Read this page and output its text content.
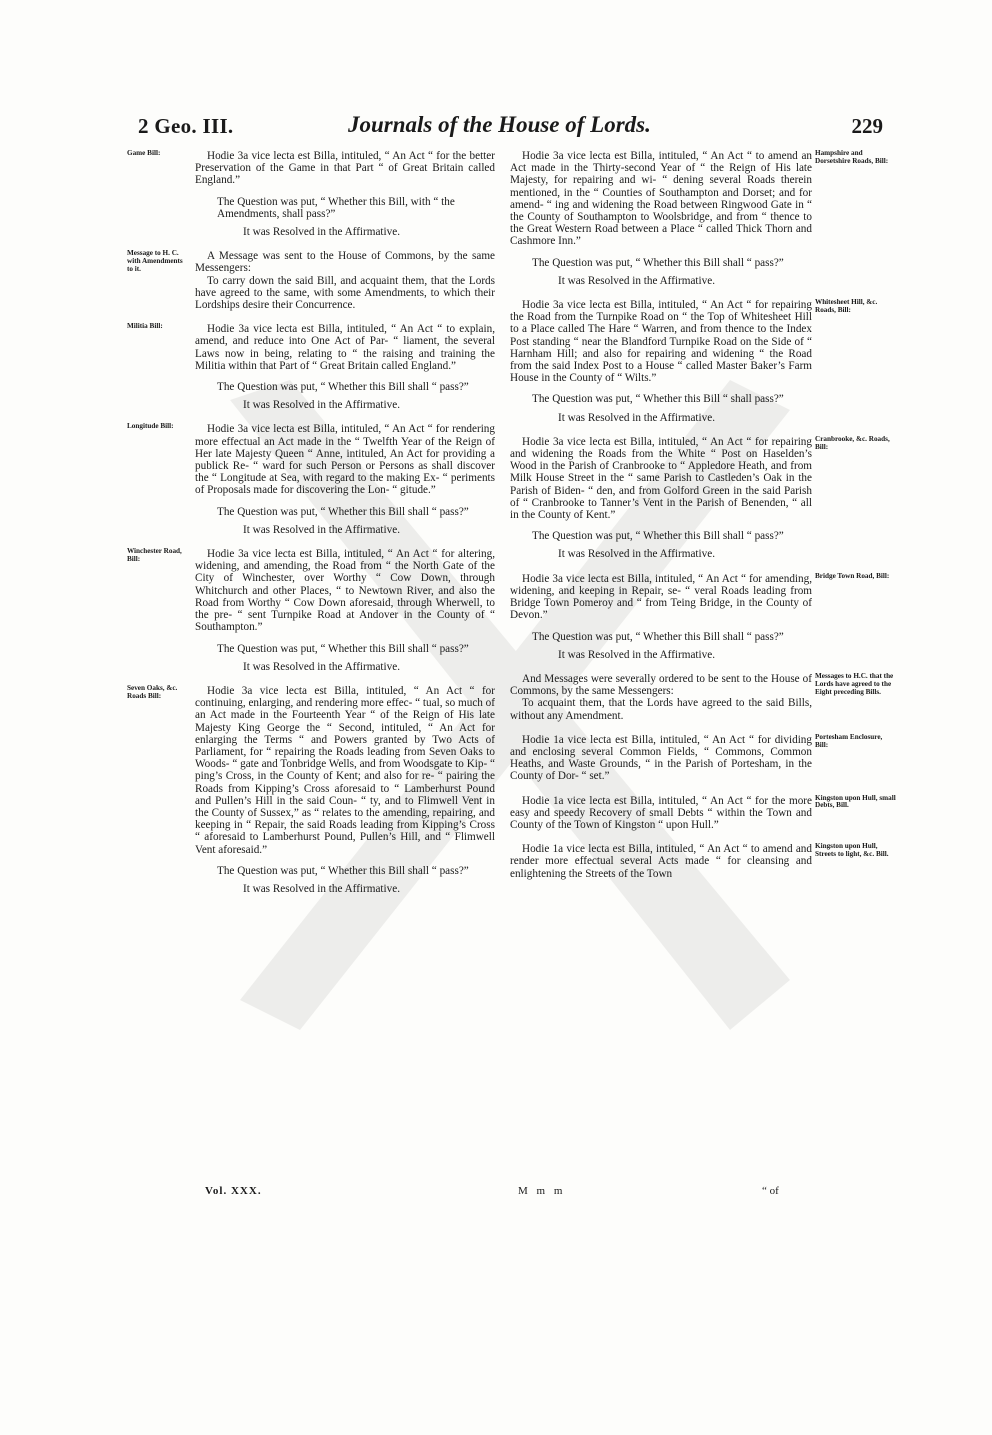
2 Geo. III.	Journals of the House of Lords.	229
Game Bill:	Hodie 3a vice lecta est Billa, intituled, “ An Act “ for the better Preservation of the Game in that Part “ of Great Britain called England.”

The Question was put, “ Whether this Bill, with “ the Amendments, shall pass?”

It was Resolved in the Affirmative.

Message to H. C. with Amendments to it.

A Message was sent to the House of Commons, by the same Messengers:

To carry down the said Bill, and acquaint them, that the Lords have agreed to the same, with some Amendments, to which their Lordships desire their Concurrence.

Militia Bill:	Hodie 3a vice lecta est Billa, intituled, “ An Act “ to explain, amend, and reduce into One Act of Par- “ liament, the several Laws now in being, relating to “ the raising and training the Militia within that Part of “ Great Britain called England.”

The Question was put, “ Whether this Bill shall “ pass?”

It was Resolved in the Affirmative.

Longitude Bill:	Hodie 3a vice lecta est Billa, intituled, “ An Act “ for rendering more effectual an Act made in the “ Twelfth Year of the Reign of Her late Majesty Queen “ Anne, intituled, An Act for providing a publick Re- “ ward for such Person or Persons as shall discover the “ Longitude at Sea, with regard to the making Ex- “ periments of Proposals made for discovering the Lon- “ gitude.”

The Question was put, “ Whether this Bill shall “ pass?”

It was Resolved in the Affirmative.

Winchester Road, Bill:	Hodie 3a vice lecta est Billa, intituled, “ An Act “ for altering, widening, and amending, the Road from “ the North Gate of the City of Winchester, over Worthy “ Cow Down, through Whitchurch and other Places, “ to Newtown River, and also the Road from Worthy “ Cow Down aforesaid, through Wherwell, to the pre- “ sent Turnpike Road at Andover in the County of “ Southampton.”

The Question was put, “ Whether this Bill shall “ pass?”

It was Resolved in the Affirmative.

Seven Oaks, &c. Roads Bill:	Hodie 3a vice lecta est Billa, intituled, “ An Act “ for continuing, enlarging, and rendering more effec- “ tual, so much of an Act made in the Fourteenth Year “ of the Reign of His late Majesty King George the “ Second, intituled, “ An Act for enlarging the Terms “ and Powers granted by Two Acts of Parliament, for “ repairing the Roads leading from Seven Oaks to Woods- “ gate and Tonbridge Wells, and from Woodsgate to Kip- “ ping’s Cross, in the County of Kent; and also for re- “ pairing the Roads from Kipping’s Cross aforesaid to “ Lamberhurst Pound and Pullen’s Hill in the said Coun- “ ty, and to Flimwell Vent in the County of Sussex,” as “ relates to the amending, repairing, and keeping in “ Repair, the said Roads leading from Kipping’s Cross “ aforesaid to Lamberhurst Pound, Pullen’s Hill, and “ Flimwell Vent aforesaid.”

The Question was put, “ Whether this Bill shall “ pass?”

It was Resolved in the Affirmative.

Hampshire and Dorsetshire Roads, Bill:

Hodie 3a vice lecta est Billa, intituled, “ An Act “ to amend an Act made in the Thirty-second Year of “ the Reign of His late Majesty, for repairing and wi- “ dening several Roads therein mentioned, in the “ Counties of Southampton and Dorset; and for amend- “ ing and widening the Road between Ringwood Gate in “ the County of Southampton to Woolsbridge, and from “ thence to the Great Western Road between a Place “ called Thick Thorn and Cashmore Inn.”

The Question was put, “ Whether this Bill shall “ pass?”

It was Resolved in the Affirmative.

Whitesheet Hill, &c. Roads, Bill:

Hodie 3a vice lecta est Billa, intituled, “ An Act “ for repairing the Road from the Turnpike Road on “ the Top of Whitesheet Hill to a Place called The Hare “ Warren, and from thence to the Index Post standing “ near the Blandford Turnpike Road on the Side of “ Harnham Hill; and also for repairing and widening “ the Road from the said Index Post to a House “ called Master Baker’s Farm House in the County of “ Wilts.”

The Question was put, “ Whether this Bill “ shall pass?”

It was Resolved in the Affirmative.

Cranbrooke, &c. Roads, Bill:

Hodie 3a vice lecta est Billa, intituled, “ An Act “ for repairing and widening the Roads from the White “ Post on Haselden’s Wood in the Parish of Cranbrooke to “ Appledore Heath, and from Milk House Street in the “ same Parish to Castleden’s Oak in the Parish of Biden- “ den, and from Golford Green in the said Parish of “ Cranbrooke to Tanner’s Vent in the Parish of Benenden, “ all in the County of Kent.”

The Question was put, “ Whether this Bill shall “ pass?”

It was Resolved in the Affirmative.

Bridge Town Road, Bill:

Hodie 3a vice lecta est Billa, intituled, “ An Act “ for amending, widening, and keeping in Repair, se- “ veral Roads leading from Bridge Town Pomeroy and “ from Teing Bridge, in the County of Devon.”

The Question was put, “ Whether this Bill shall “ pass?”

It was Resolved in the Affirmative.

Messages to H.C. that the Lords have agreed to the Eight preceding Bills.

And Messages were severally ordered to be sent to the House of Commons, by the same Messengers:

To acquaint them, that the Lords have agreed to the said Bills, without any Amendment.

Portesham Enclosure, Bill:

Hodie 1a vice lecta est Billa, intituled, “ An Act “ for dividing and enclosing several Common Fields, “ Commons, Common Heaths, and Waste Grounds, “ in the Parish of Portesham, in the County of Dor- “ set.”

Kingston upon Hull, small Debts, Bill.

Hodie 1a vice lecta est Billa, intituled, “ An Act “ for the more easy and speedy Recovery of small Debts “ within the Town and County of the Town of Kingston “ upon Hull.”

Kingston upon Hull, Streets to light, &c. Bill.

Hodie 1a vice lecta est Billa, intituled, “ An Act “ to amend and render more effectual several Acts made “ for cleansing and enlightening the Streets of the Town

Vol. XXX.	M m m	“ of
